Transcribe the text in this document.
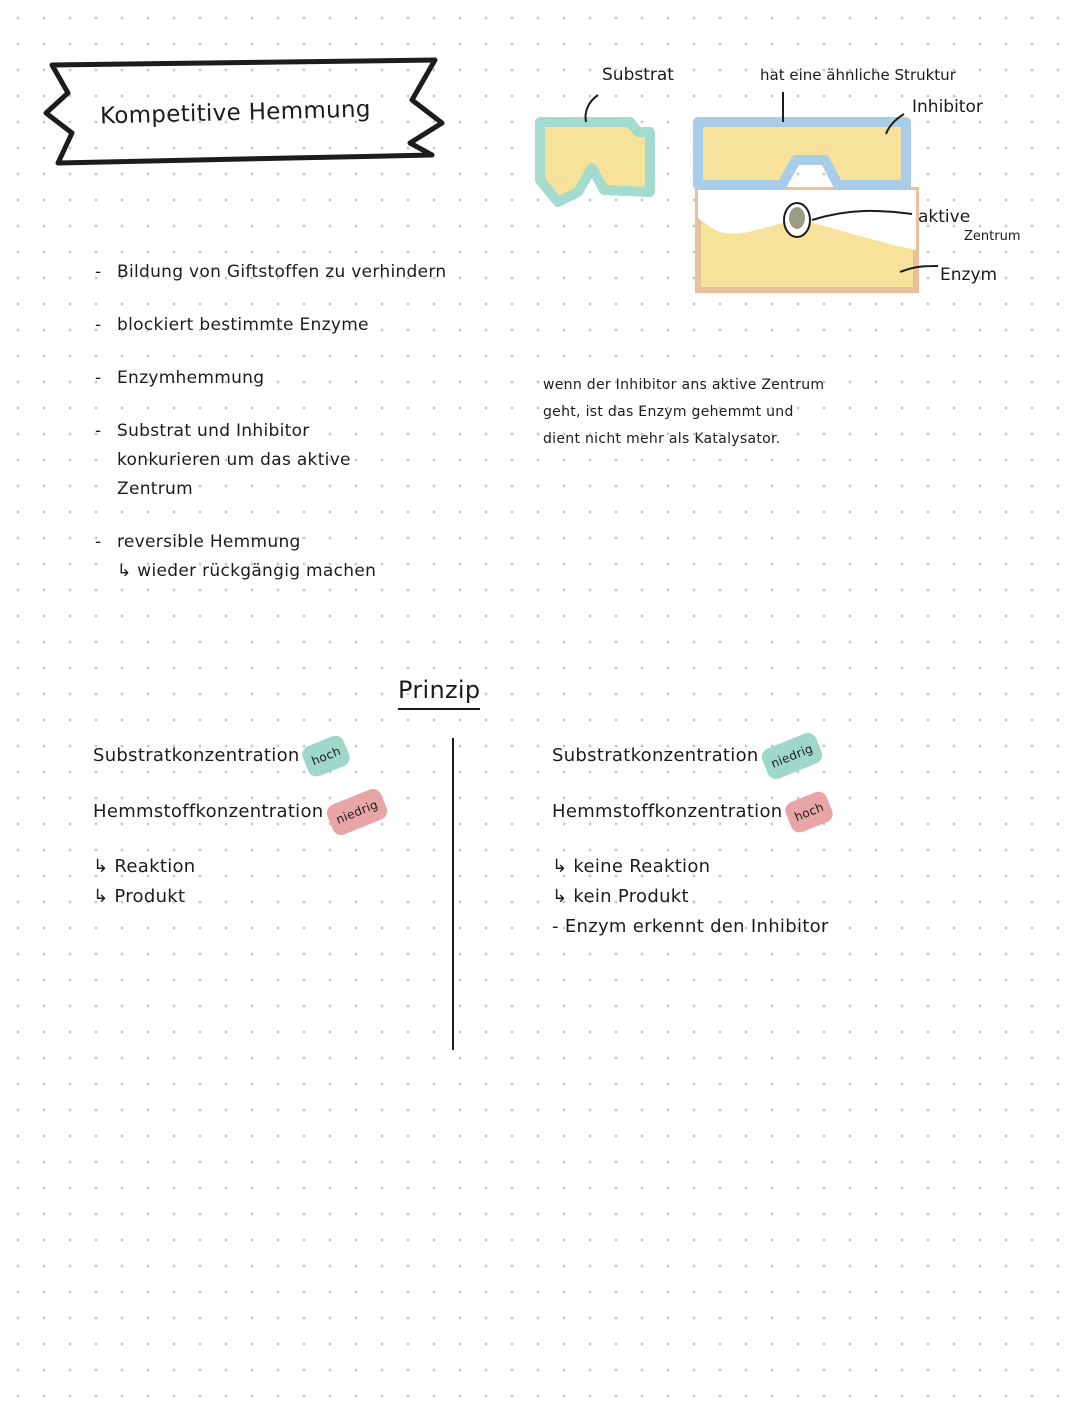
Kompetitive Hemmung
- Bildung von Giftstoffen zu verhindern
- blockiert bestimmte Enzyme
- Enzymhemmung
- Substrat und Inhibitor
konkurieren um das aktive
Zentrum
- reversible Hemmung
↳ wieder rückgängig machen
Substrat	hat eine ähnliche Struktur
Inhibitor
aktive
Zentrum
Enzym
wenn der Inhibitor ans aktive Zentrum
geht, ist das Enzym gehemmt und
dient nicht mehr als Katalysator.
Prinzip
Substratkonzentration hoch
Hemmstoffkonzentration niedrig
↳ Reaktion
↳ Produkt
Substratkonzentration niedrig
Hemmstoffkonzentration hoch
↳ keine Reaktion
↳ kein Produkt
- Enzym erkennt den Inhibitor
